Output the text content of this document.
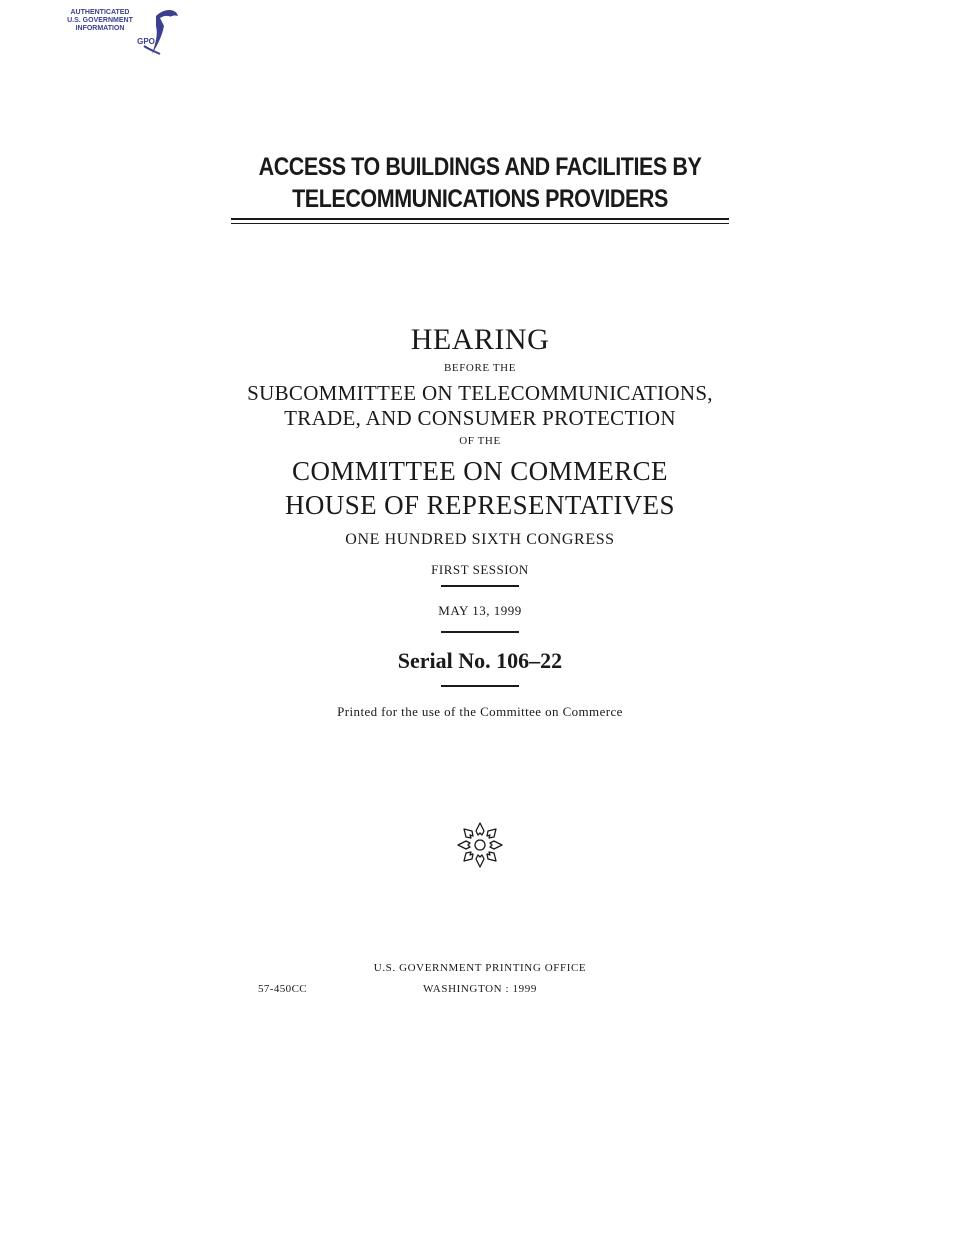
AUTHENTICATED
U.S. GOVERNMENT
INFORMATION
GPO
ACCESS TO BUILDINGS AND FACILITIES BY
TELECOMMUNICATIONS PROVIDERS
HEARING
BEFORE THE
SUBCOMMITTEE ON TELECOMMUNICATIONS,
TRADE, AND CONSUMER PROTECTION
OF THE
COMMITTEE ON COMMERCE
HOUSE OF REPRESENTATIVES
ONE HUNDRED SIXTH CONGRESS
FIRST SESSION
MAY 13, 1999
Serial No. 106–22
Printed for the use of the Committee on Commerce
U.S. GOVERNMENT PRINTING OFFICE
WASHINGTON : 1999
57-450CC
